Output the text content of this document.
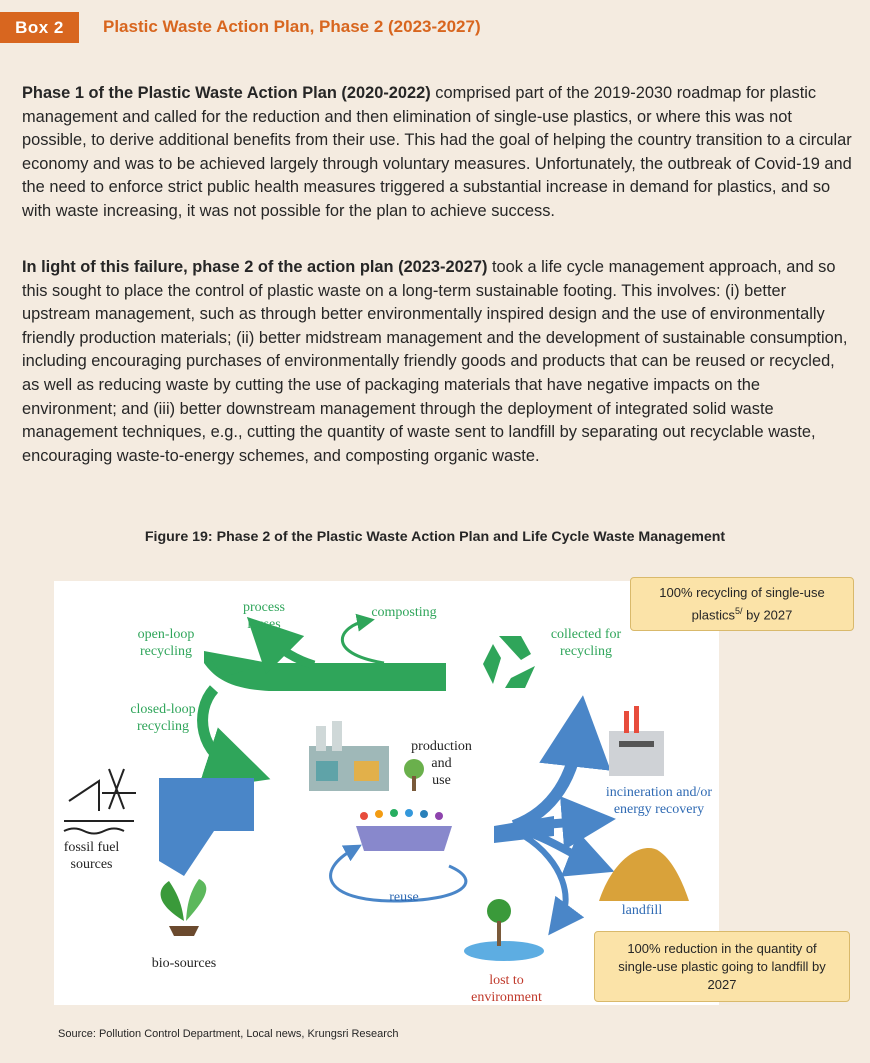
Box 2	Plastic Waste Action Plan, Phase 2 (2023-2027)

Phase 1 of the Plastic Waste Action Plan (2020-2022) comprised part of the 2019-2030 roadmap for plastic management and called for the reduction and then elimination of single-use plastics, or where this was not possible, to derive additional benefits from their use. This had the goal of helping the country transition to a circular economy and was to be achieved largely through voluntary measures. Unfortunately, the outbreak of Covid-19 and the need to enforce strict public health measures triggered a substantial increase in demand for plastics, and so with waste increasing, it was not possible for the plan to achieve success.

In light of this failure, phase 2 of the action plan (2023-2027) took a life cycle management approach, and so this sought to place the control of plastic waste on a long-term sustainable footing. This involves: (i) better upstream management, such as through better environmentally inspired design and the use of environmentally friendly production materials; (ii) better midstream management and the development of sustainable consumption, including encouraging purchases of environmentally friendly goods and products that can be reused or recycled, as well as reducing waste by cutting the use of packaging materials that have negative impacts on the environment; and (iii) better downstream management through the deployment of integrated solid waste management techniques, e.g., cutting the quantity of waste sent to landfill by separating out recyclable waste, encouraging waste-to-energy schemes, and composting organic waste.

Figure 19: Phase 2 of the Plastic Waste Action Plan and Life Cycle Waste Management
process
losses
composting
open-loop
recycling
collected for
recycling
closed-loop
recycling
production
and
use
fossil fuel
sources
incineration and/or
energy recovery
reuse
landfill
bio-sources
lost to
environment
100% recycling of single-use
plastics$^{5/}$ by 2027
100% reduction in the quantity of single-use plastic going to landfill by 2027
Source: Pollution Control Department, Local news, Krungsri Research
